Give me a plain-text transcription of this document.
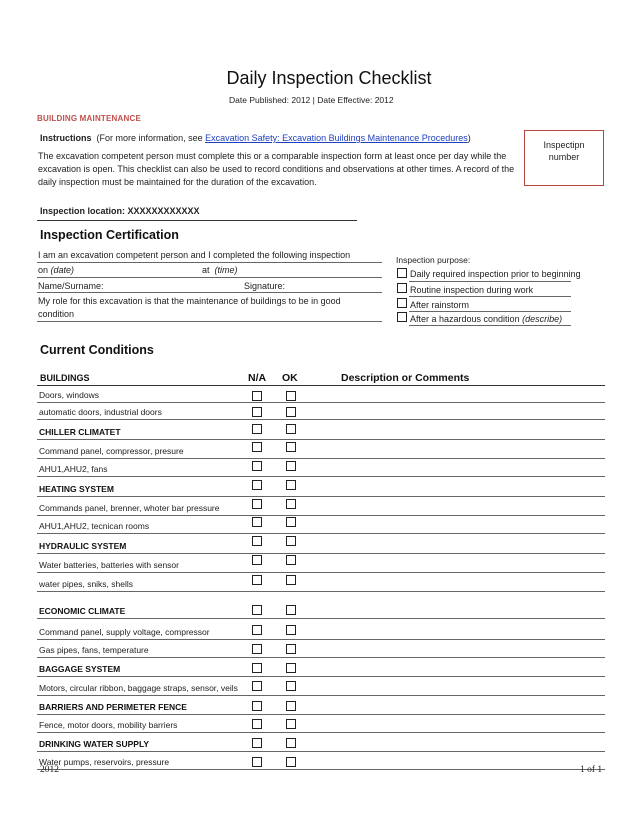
Daily Inspection Checklist
Date Published: 2012 | Date Effective: 2012
BUILDING MAINTENANCE
Instructions (For more information, see Excavation Safety: Excavation Buildings Maintenance Procedures)
The excavation competent person must complete this or a comparable inspection form at least once per day while the
excavation is open. This checklist can also be used to record conditions and observations at other times. A record of the
daily inspection must be maintained for the duration of the excavation.
Inspectipn
number
Inspection location: XXXXXXXXXXXX
Inspection Certification
I am an excavation competent person and I completed the following inspection
on (date)	at (time)
Name/Surname:	Signature:
My role for this excavation is that the maintenance of buildings to be in good
condition
Inspection purpose:
Daily required inspection prior to beginning
Routine inspection during work
After rainstorm
After a hazardous condition (describe)
Current Conditions
BUILDINGS	N/A OK	Description or Comments
Doors, windows
automatic doors, industrial doors
CHILLER CLIMATET
Command panel, compressor, presure
AHU1,AHU2, fans
HEATING SYSTEM
Commands panel, brenner, whoter bar pressure
AHU1,AHU2, tecnican rooms
HYDRAULIC SYSTEM
Water batteries, batteries with sensor
water pipes, sniks, shells
ECONOMIC CLIMATE
Command panel, supply voltage, compressor
Gas pipes, fans, temperature
BAGGAGE SYSTEM
Motors, circular ribbon, baggage straps, sensor, veils
BARRIERS AND PERIMETER FENCE
Fence, motor doors, mobility barriers
DRINKING WATER SUPPLY
Water pumps, reservoirs, pressure
2012	1 of 1
